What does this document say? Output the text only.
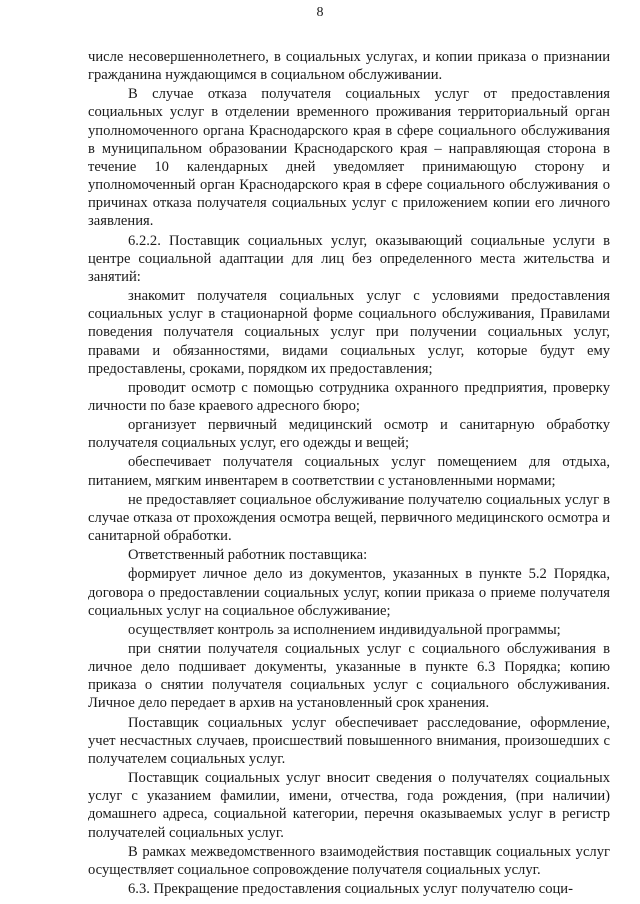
8

числе несовершеннолетнего, в социальных услугах, и копии приказа о признании гражданина нуждающимся в социальном обслуживании.

В случае отказа получателя социальных услуг от предоставления социальных услуг в отделении временного проживания территориальный орган уполномоченного органа Краснодарского края в сфере социального обслуживания в муниципальном образовании Краснодарского края – направляющая сторона в течение 10 календарных дней уведомляет принимающую сторону и уполномоченный орган Краснодарского края в сфере социального обслуживания о причинах отказа получателя социальных услуг с приложением копии его личного заявления.

6.2.2. Поставщик социальных услуг, оказывающий социальные услуги в центре социальной адаптации для лиц без определенного места жительства и занятий:

знакомит получателя социальных услуг с условиями предоставления социальных услуг в стационарной форме социального обслуживания, Правилами поведения получателя социальных услуг при получении социальных услуг, правами и обязанностями, видами социальных услуг, которые будут ему предоставлены, сроками, порядком их предоставления;

проводит осмотр с помощью сотрудника охранного предприятия, проверку личности по базе краевого адресного бюро;

организует первичный медицинский осмотр и санитарную обработку получателя социальных услуг, его одежды и вещей;

обеспечивает получателя социальных услуг помещением для отдыха, питанием, мягким инвентарем в соответствии с установленными нормами;

не предоставляет социальное обслуживание получателю социальных услуг в случае отказа от прохождения осмотра вещей, первичного медицинского осмотра и санитарной обработки.

Ответственный работник поставщика:

формирует личное дело из документов, указанных в пункте 5.2 Порядка, договора о предоставлении социальных услуг, копии приказа о приеме получателя социальных услуг на социальное обслуживание;

осуществляет контроль за исполнением индивидуальной программы;

при снятии получателя социальных услуг с социального обслуживания в личное дело подшивает документы, указанные в пункте 6.3 Порядка; копию приказа о снятии получателя социальных услуг с социального обслуживания. Личное дело передает в архив на установленный срок хранения.

Поставщик социальных услуг обеспечивает расследование, оформление, учет несчастных случаев, происшествий повышенного внимания, произошедших с получателем социальных услуг.

Поставщик социальных услуг вносит сведения о получателях социальных услуг с указанием фамилии, имени, отчества, года рождения, (при наличии) домашнего адреса, социальной категории, перечня оказываемых услуг в регистр получателей социальных услуг.

В рамках межведомственного взаимодействия поставщик социальных услуг осуществляет социальное сопровождение получателя социальных услуг.

6.3. Прекращение предоставления социальных услуг получателю соци-
